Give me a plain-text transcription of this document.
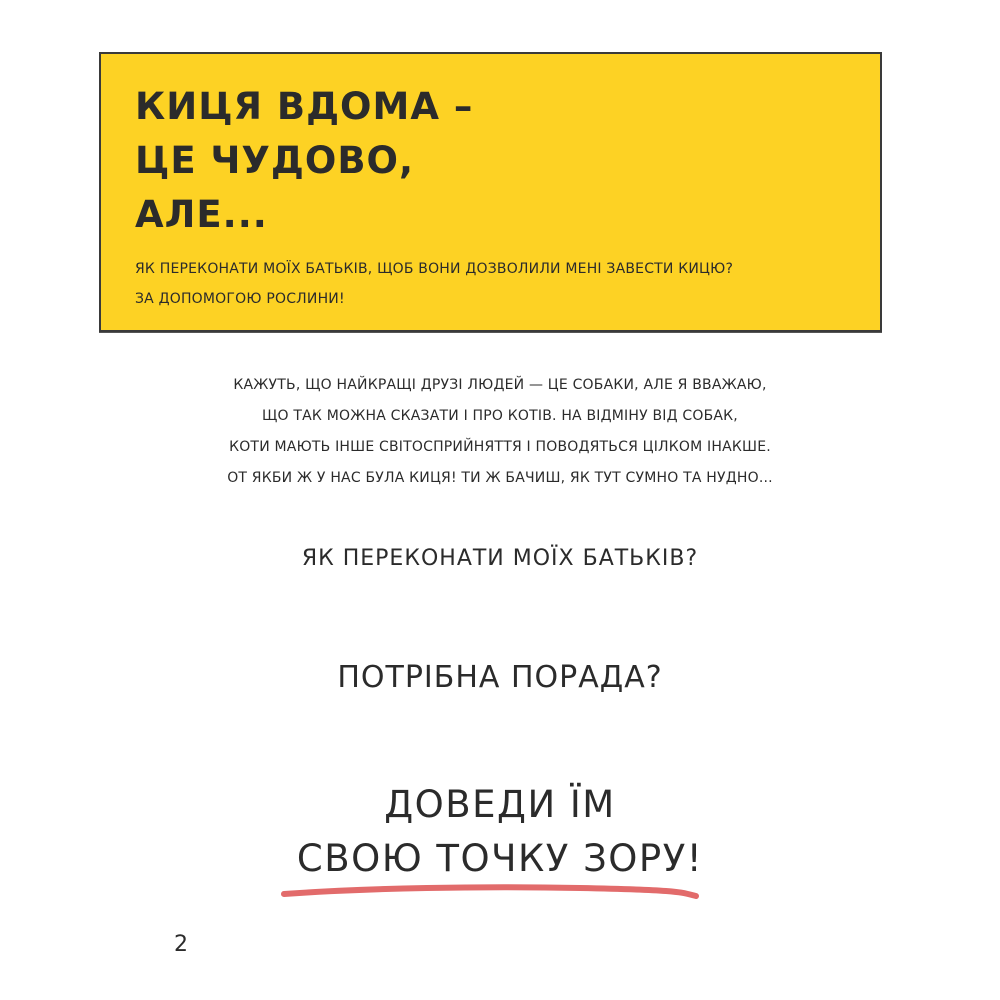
КИЦЯ ВДОМА –
ЦЕ ЧУДОВО,
АЛЕ...
ЯК ПЕРЕКОНАТИ МОЇХ БАТЬКІВ, ЩОБ ВОНИ ДОЗВОЛИЛИ МЕНІ ЗАВЕСТИ КИЦЮ?
ЗА ДОПОМОГОЮ РОСЛИНИ!
КАЖУТЬ, ЩО НАЙКРАЩІ ДРУЗІ ЛЮДЕЙ — ЦЕ СОБАКИ, АЛЕ Я ВВАЖАЮ,
ЩО ТАК МОЖНА СКАЗАТИ І ПРО КОТІВ. НА ВІДМІНУ ВІД СОБАК,
КОТИ МАЮТЬ ІНШЕ СВІТОСПРИЙНЯТТЯ І ПОВОДЯТЬСЯ ЦІЛКОМ ІНАКШЕ.
ОТ ЯКБИ Ж У НАС БУЛА КИЦЯ! ТИ Ж БАЧИШ, ЯК ТУТ СУМНО ТА НУДНО...
ЯК ПЕРЕКОНАТИ МОЇХ БАТЬКІВ?
ПОТРІБНА ПОРАДА?
ДОВЕДИ ЇМ
СВОЮ ТОЧКУ ЗОРУ!
2
